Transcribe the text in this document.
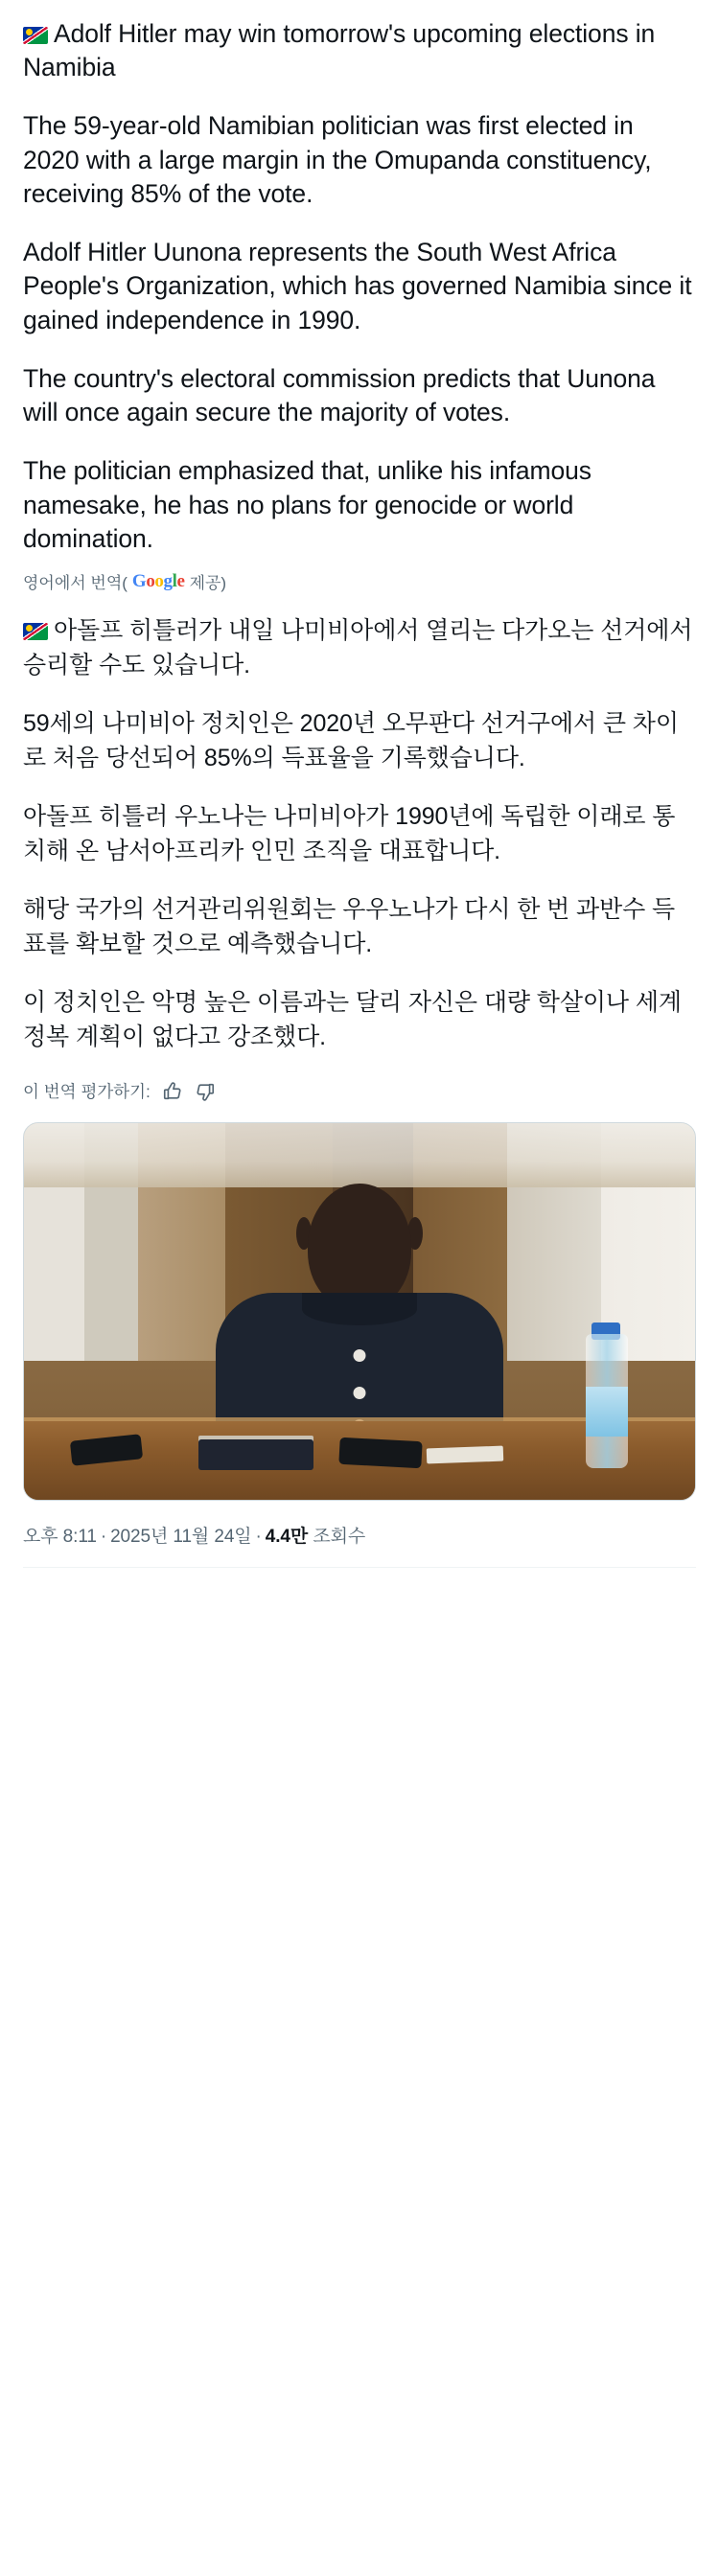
Adolf Hitler may win tomorrow's upcoming elections in Namibia

The 59-year-old Namibian politician was first elected in 2020 with a large margin in the Omupanda constituency, receiving 85% of the vote.

Adolf Hitler Uunona represents the South West Africa People's Organization, which has governed Namibia since it gained independence in 1990.

The country's electoral commission predicts that Uunona will once again secure the majority of votes.

The politician emphasized that, unlike his infamous namesake, he has no plans for genocide or world domination.

영어에서 번역( Google 제공)

아돌프 히틀러가 내일 나미비아에서 열리는 다가오는 선거에서 승리할 수도 있습니다.

59세의 나미비아 정치인은 2020년 오무판다 선거구에서 큰 차이로 처음 당선되어 85%의 득표율을 기록했습니다.

아돌프 히틀러 우노나는 나미비아가 1990년에 독립한 이래로 통치해 온 남서아프리카 인민 조직을 대표합니다.

해당 국가의 선거관리위원회는 우우노나가 다시 한 번 과반수 득표를 확보할 것으로 예측했습니다.

이 정치인은 악명 높은 이름과는 달리 자신은 대량 학살이나 세계 정복 계획이 없다고 강조했다.

이 번역 평가하기:
오후 8:11 · 2025년 11월 24일 · 4.4만 조회수
